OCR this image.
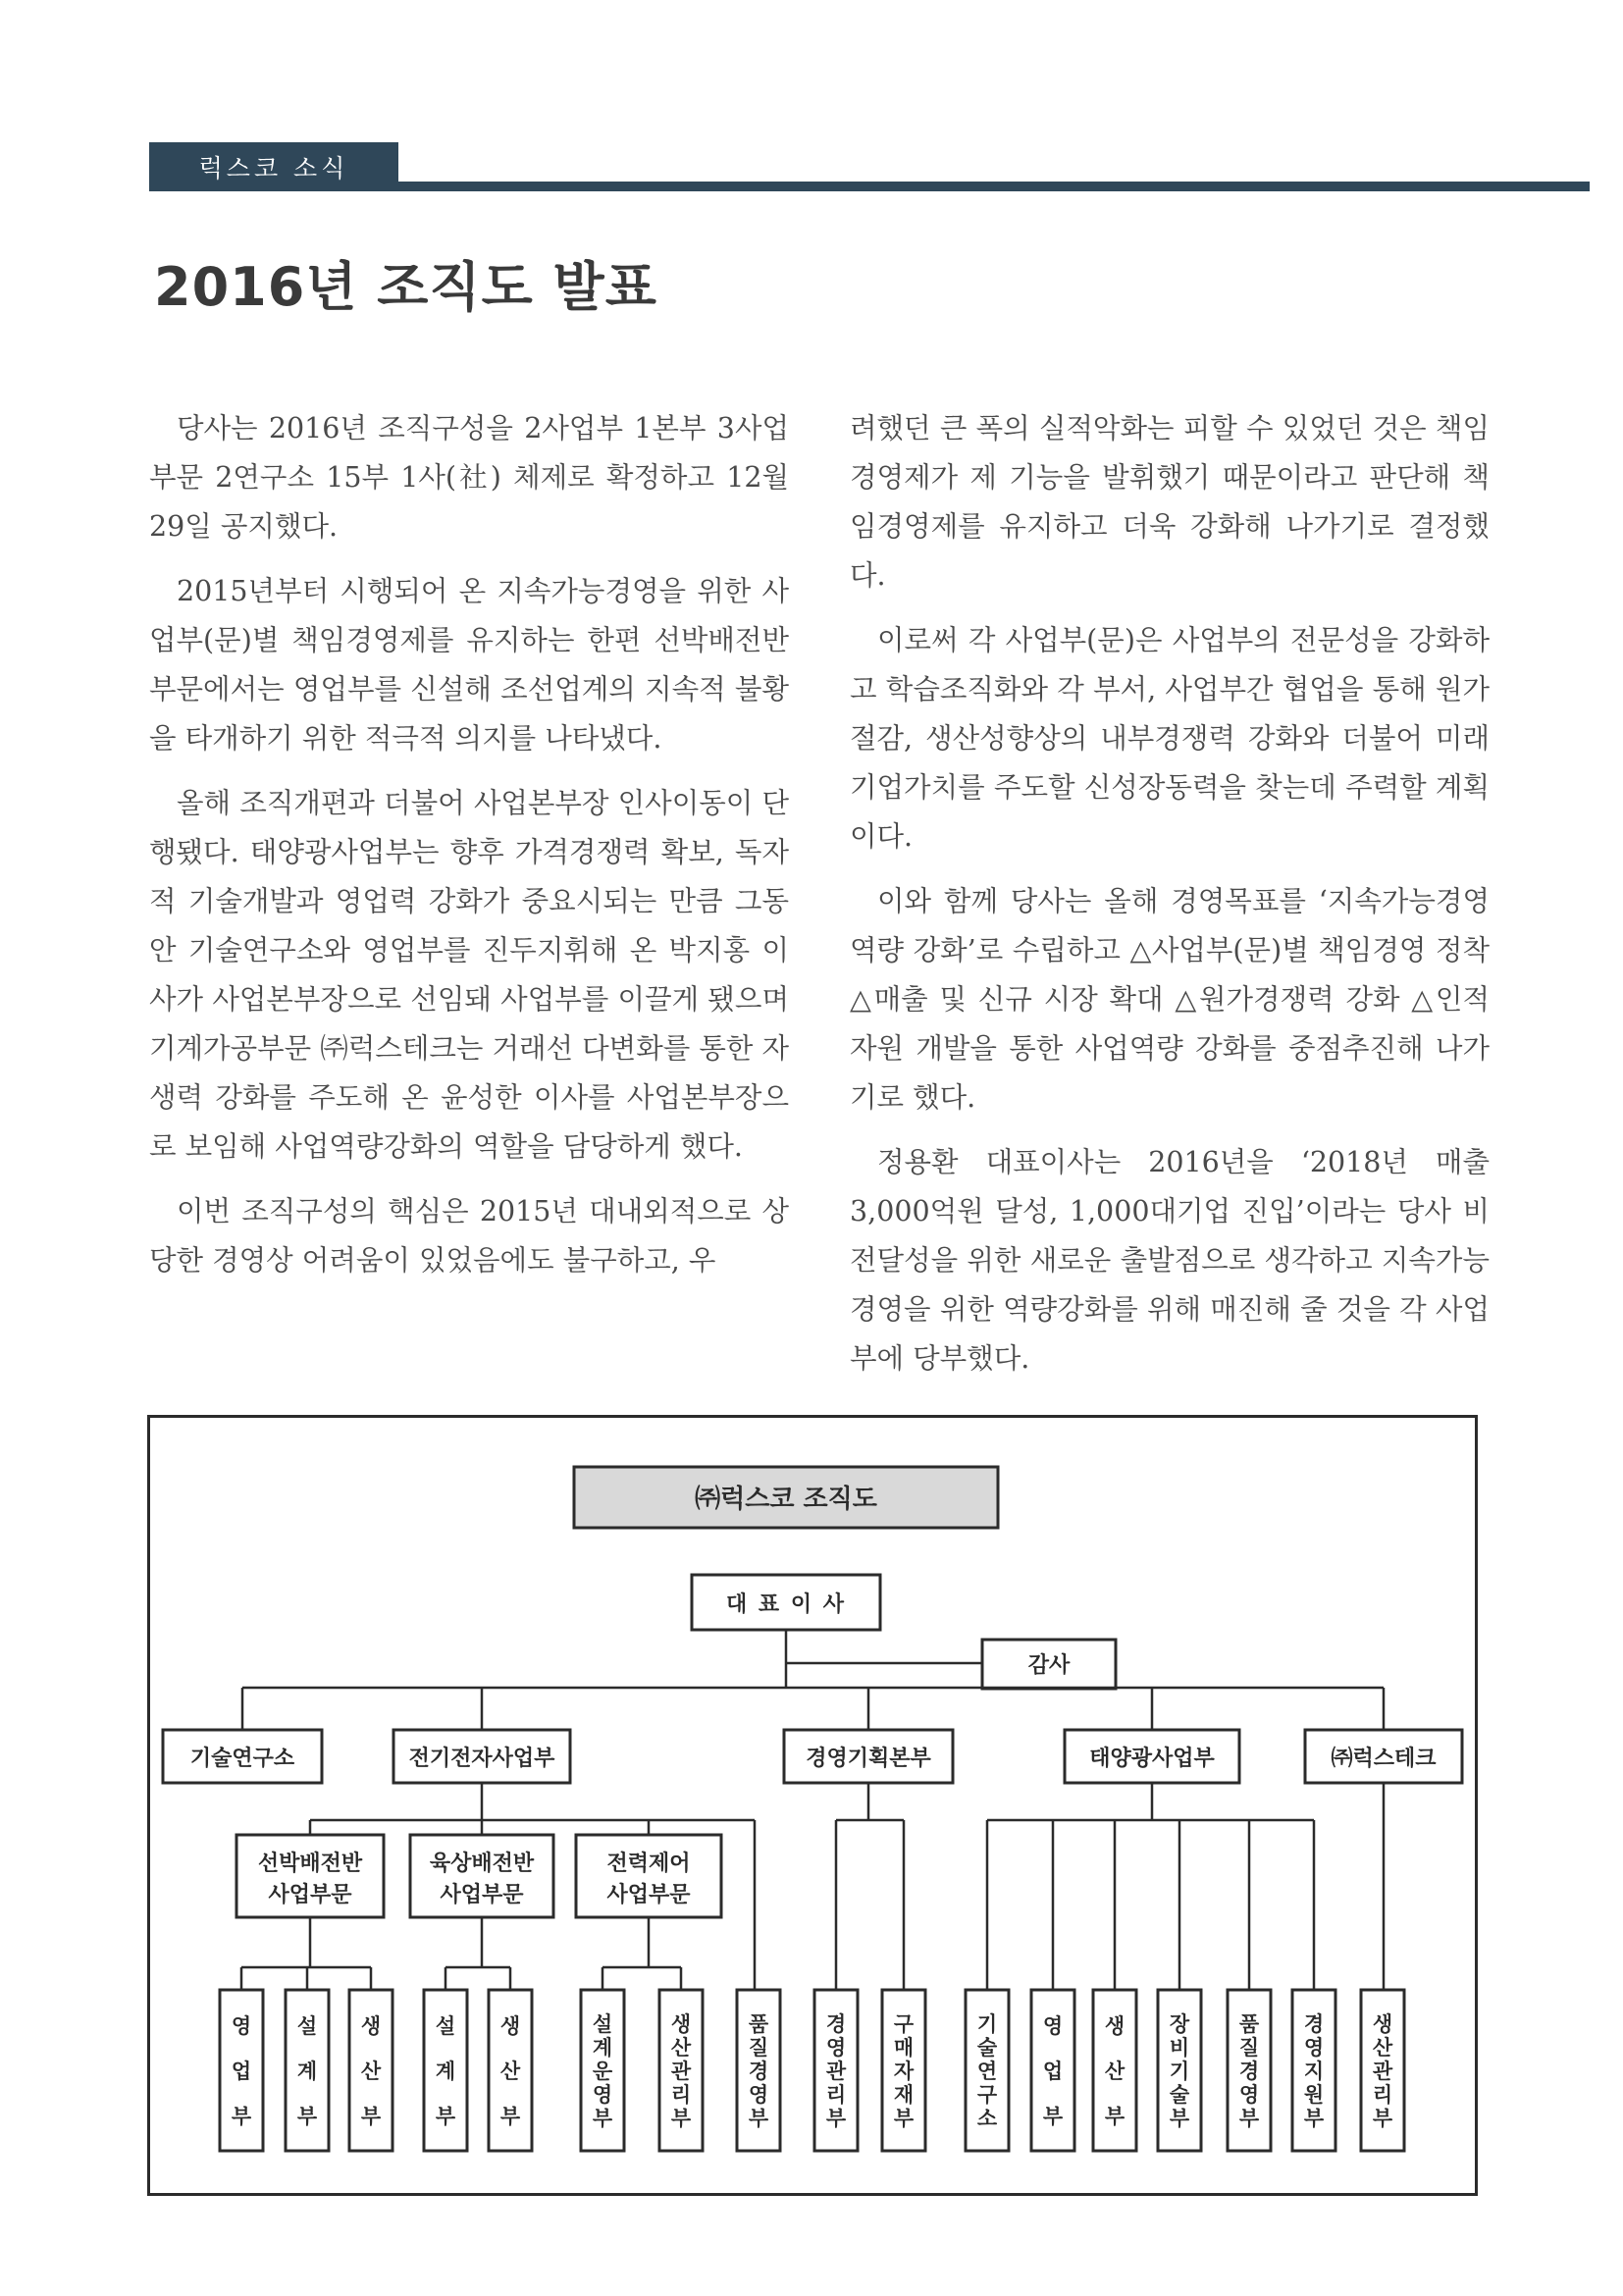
럭스코 소식
2016년 조직도 발표

당사는 2016년 조직구성을 2사업부 1본부 3사업부문 2연구소 15부 1사(社) 체제로 확정하고 12월 29일 공지했다.

2015년부터 시행되어 온 지속가능경영을 위한 사업부(문)별 책임경영제를 유지하는 한편 선박배전반부문에서는 영업부를 신설해 조선업계의 지속적 불황을 타개하기 위한 적극적 의지를 나타냈다.

올해 조직개편과 더불어 사업본부장 인사이동이 단행됐다. 태양광사업부는 향후 가격경쟁력 확보, 독자적 기술개발과 영업력 강화가 중요시되는 만큼 그동안 기술연구소와 영업부를 진두지휘해 온 박지홍 이사가 사업본부장으로 선임돼 사업부를 이끌게 됐으며 기계가공부문 ㈜럭스테크는 거래선 다변화를 통한 자생력 강화를 주도해 온 윤성한 이사를 사업본부장으로 보임해 사업역량강화의 역할을 담당하게 했다.

이번 조직구성의 핵심은 2015년 대내외적으로 상당한 경영상 어려움이 있었음에도 불구하고, 우

려했던 큰 폭의 실적악화는 피할 수 있었던 것은 책임경영제가 제 기능을 발휘했기 때문이라고 판단해 책임경영제를 유지하고 더욱 강화해 나가기로 결정했다.

이로써 각 사업부(문)은 사업부의 전문성을 강화하고 학습조직화와 각 부서, 사업부간 협업을 통해 원가절감, 생산성향상의 내부경쟁력 강화와 더불어 미래기업가치를 주도할 신성장동력을 찾는데 주력할 계획이다.

이와 함께 당사는 올해 경영목표를 ‘지속가능경영 역량 강화’로 수립하고 △사업부(문)별 책임경영 정착 △매출 및 신규 시장 확대 △원가경쟁력 강화 △인적자원 개발을 통한 사업역량 강화를 중점추진해 나가기로 했다.

정용환 대표이사는 2016년을 ‘2018년 매출 3,000억원 달성, 1,000대기업 진입’이라는 당사 비전달성을 위한 새로운 출발점으로 생각하고 지속가능경영을 위한 역량강화를 위해 매진해 줄 것을 각 사업부에 당부했다.

㈜럭스코 조직도
대 표 이 사
감사
기술연구소	전기전자사업부	경영기획본부	태양광사업부	㈜럭스테크
선박배전반
사업부문
육상배전반
사업부문
전력제어
사업부문
영 업 부
설 계 부
생 산 부
설 계 부
생 산 부
설 계 운 영 부
생 산 관 리 부
품 질 경 영 부
경 영 관 리 부
구 매 자 재 부
기 술 연 구 소
영 업 부
생 산 부
장 비 기 술 부
품 질 경 영 부
경 영 지 원 부
생 산 관 리 부
